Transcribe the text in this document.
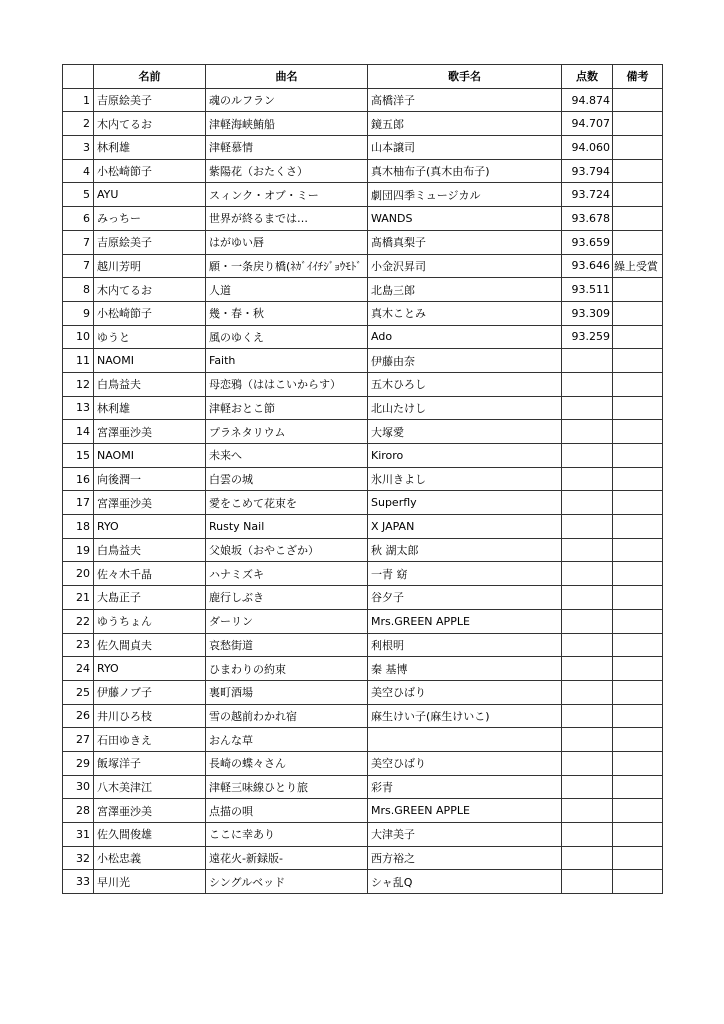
	名前	曲名	歌手名	点数	備考
1	吉原絵美子	魂のルフラン	高橋洋子	94.874	
2	木内てるお	津軽海峡鮪船	鏡五郎	94.707	
3	林利雄	津軽慕情	山本譲司	94.060	
4	小松崎節子	紫陽花（おたくさ）	真木柚布子(真木由布子)	93.794	
5	AYU	スィンク・オブ・ミー	劇団四季ミュージカル	93.724	
6	みっちー	世界が終るまでは…	WANDS	93.678	
7	吉原絵美子	はがゆい唇	髙橋真梨子	93.659	
7	越川芳明	願・一条戻り橋(ﾈｶﾞｲｲﾁｼﾞｮｳﾓﾄﾞ	小金沢昇司	93.646	繰上受賞
8	木内てるお	人道	北島三郎	93.511	
9	小松崎節子	幾・春・秋	真木ことみ	93.309	
10	ゆうと	風のゆくえ	Ado	93.259	
11	NAOMI	Faith	伊藤由奈		
12	白鳥益夫	母恋鴉（ははこいからす）	五木ひろし		
13	林利雄	津軽おとこ節	北山たけし		
14	宮澤亜沙美	プラネタリウム	大塚愛		
15	NAOMI	未来へ	Kiroro		
16	向後潤一	白雲の城	氷川きよし		
17	宮澤亜沙美	愛をこめて花束を	Superfly		
18	RYO	Rusty Nail	X JAPAN		
19	白鳥益夫	父娘坂（おやこざか）	秋 湖太郎		
20	佐々木千晶	ハナミズキ	一青 窈		
21	大島正子	鹿行しぶき	谷夕子		
22	ゆうちょん	ダーリン	Mrs.GREEN APPLE		
23	佐久間貞夫	哀愁街道	利根明		
24	RYO	ひまわりの約束	秦 基博		
25	伊藤ノブ子	裏町酒場	美空ひばり		
26	井川ひろ枝	雪の越前わかれ宿	麻生けい子(麻生けいこ)		
27	石田ゆきえ	おんな草			
29	飯塚洋子	長崎の蝶々さん	美空ひばり		
30	八木美津江	津軽三味線ひとり旅	彩青		
28	宮澤亜沙美	点描の唄	Mrs.GREEN APPLE		
31	佐久間俊雄	ここに幸あり	大津美子		
32	小松忠義	遠花火-新録版-	西方裕之		
33	早川光	シングルベッド	シャ乱Q		
